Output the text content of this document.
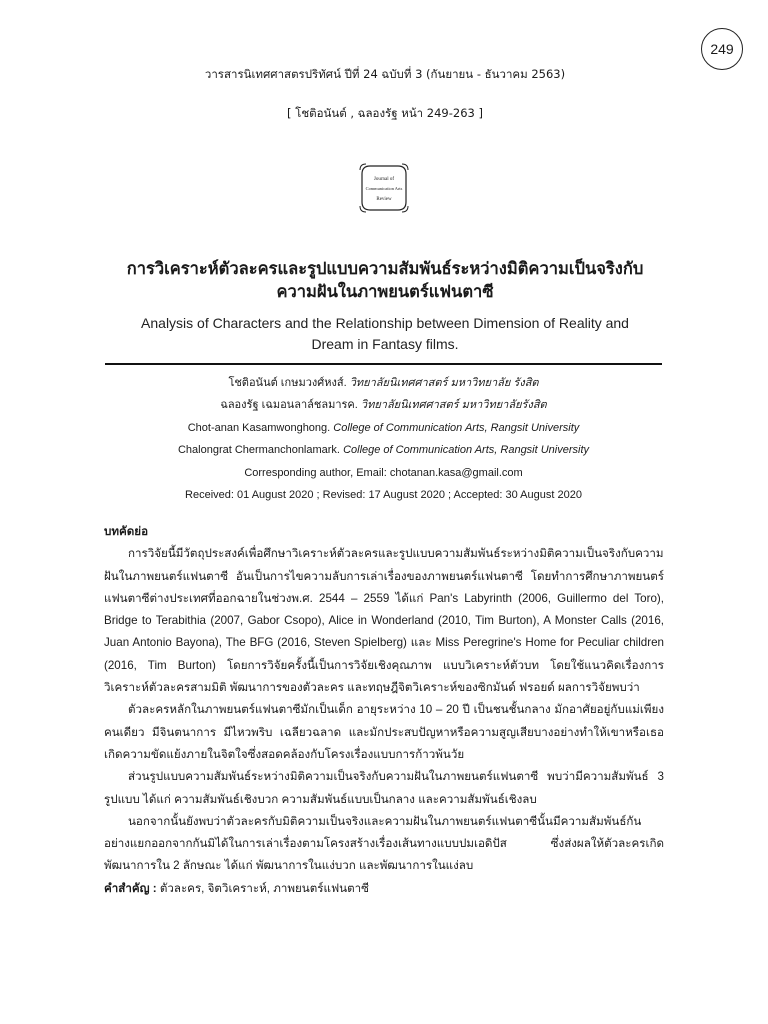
249
วารสารนิเทศศาสตรปริทัศน์ ปีที่ 24 ฉบับที่ 3 (กันยายน - ธันวาคม 2563)
[ โชติอนันต์ , ฉลองรัฐ หน้า 249-263 ]
Journal of
Communication Arts
Review
การวิเคราะห์ตัวละครและรูปแบบความสัมพันธ์ระหว่างมิติความเป็นจริงกับ
ความฝันในภาพยนตร์แฟนตาซี
Analysis of Characters and the Relationship between Dimension of Reality and
Dream in Fantasy films.
โชติอนันต์ เกษมวงศ์หงส์. วิทยาลัยนิเทศศาสตร์ มหาวิทยาลัย รังสิต
ฉลองรัฐ เฉมอนลาล์ชลมารค. วิทยาลัยนิเทศศาสตร์ มหาวิทยาลัยรังสิต
Chot-anan Kasamwonghong. College of Communication Arts, Rangsit University
Chalongrat Chermanchonlamark. College of Communication Arts, Rangsit University
Corresponding author, Email: chotanan.kasa@gmail.com
Received: 01 August 2020 ; Revised: 17 August 2020 ; Accepted: 30 August 2020
บทคัดย่อ

การวิจัยนี้มีวัตถุประสงค์เพื่อศึกษาวิเคราะห์ตัวละครและรูปแบบความสัมพันธ์ระหว่างมิติความเป็นจริงกับความฝันในภาพยนตร์แฟนตาซี อันเป็นการไขความลับการเล่าเรื่องของภาพยนตร์แฟนตาซี โดยทำการศึกษาภาพยนตร์แฟนตาซีต่างประเทศที่ออกฉายในช่วงพ.ศ. 2544 – 2559 ได้แก่ Pan's Labyrinth (2006, Guillermo del Toro), Bridge to Terabithia (2007, Gabor Csopo), Alice in Wonderland (2010, Tim Burton), A Monster Calls (2016, Juan Antonio Bayona), The BFG (2016, Steven Spielberg) และ Miss Peregrine's Home for Peculiar children (2016, Tim Burton) โดยการวิจัยครั้งนี้เป็นการวิจัยเชิงคุณภาพ แบบวิเคราะห์ตัวบท โดยใช้แนวคิดเรื่องการวิเคราะห์ตัวละครสามมิติ พัฒนาการของตัวละคร และทฤษฎีจิตวิเคราะห์ของซิกมันด์ ฟรอยด์ ผลการวิจัยพบว่า

ตัวละครหลักในภาพยนตร์แฟนตาซีมักเป็นเด็ก อายุระหว่าง 10 – 20 ปี เป็นชนชั้นกลาง มักอาศัยอยู่กับแม่เพียงคนเดียว มีจินตนาการ มีไหวพริบ เฉลียวฉลาด และมักประสบปัญหาหรือความสูญเสียบางอย่างทำให้เขาหรือเธอเกิดความขัดแย้งภายในจิตใจซึ่งสอดคล้องกับโครงเรื่องแบบการก้าวพ้นวัย

ส่วนรูปแบบความสัมพันธ์ระหว่างมิติความเป็นจริงกับความฝันในภาพยนตร์แฟนตาซี พบว่ามีความสัมพันธ์ 3 รูปแบบ ได้แก่ ความสัมพันธ์เชิงบวก ความสัมพันธ์แบบเป็นกลาง และความสัมพันธ์เชิงลบ

นอกจากนั้นยังพบว่าตัวละครกับมิติความเป็นจริงและความฝันในภาพยนตร์แฟนตาซีนั้นมีความสัมพันธ์กันอย่างแยกออกจากกันมิได้ในการเล่าเรื่องตามโครงสร้างเรื่องเส้นทางแบบปมเอดิปัส ซึ่งส่งผลให้ตัวละครเกิดพัฒนาการใน 2 ลักษณะ ได้แก่ พัฒนาการในแง่บวก และพัฒนาการในแง่ลบ

คำสำคัญ : ตัวละคร, จิตวิเคราะห์, ภาพยนตร์แฟนตาซี
